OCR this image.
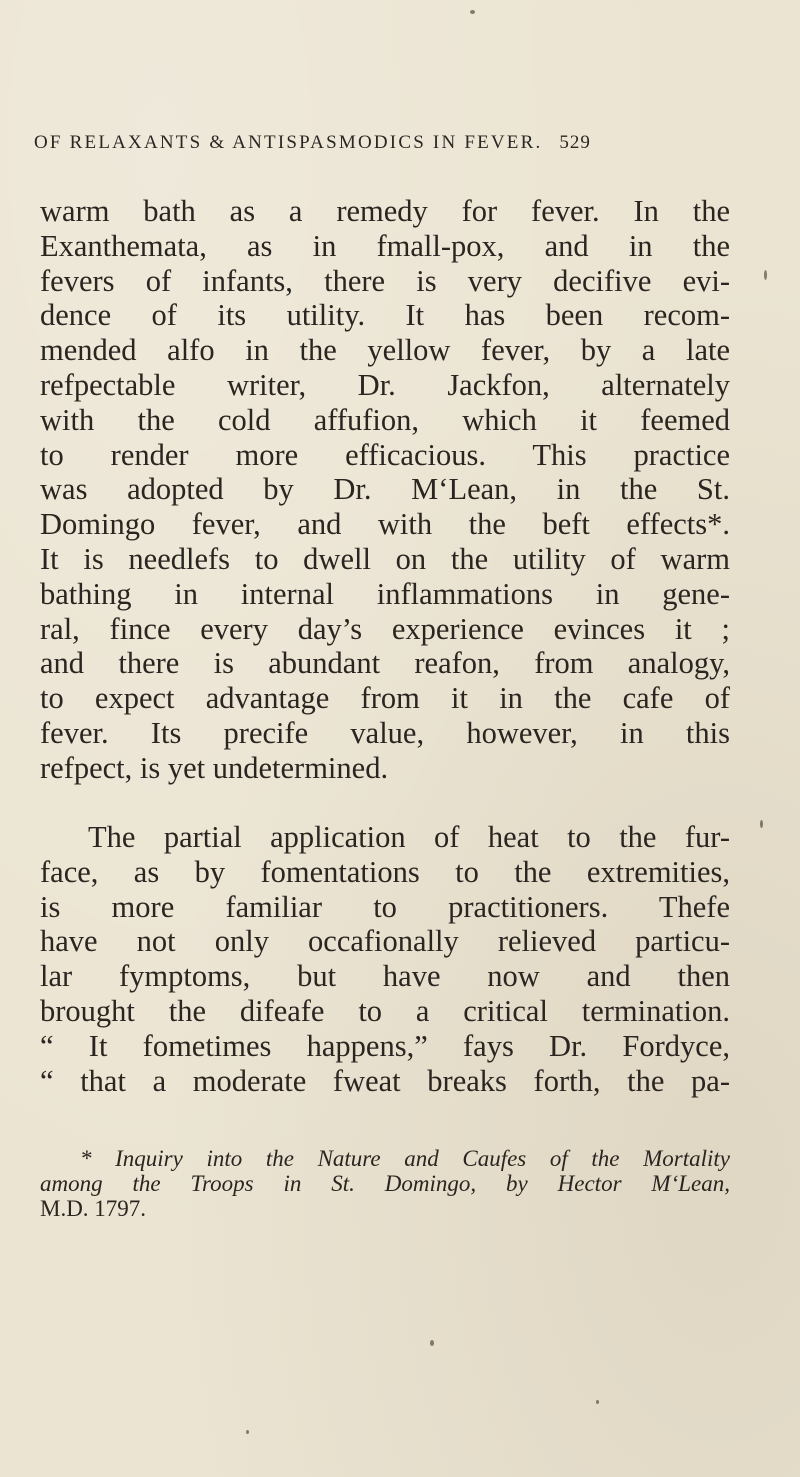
OF RELAXANTS & ANTISPASMODICS IN FEVER. 529
warm bath as a remedy for fever. In the
Exanthemata, as in fmall-pox, and in the
fevers of infants, there is very decifive evi-
dence of its utility. It has been recom-
mended alfo in the yellow fever, by a late
refpectable writer, Dr. Jackfon, alternately
with the cold affufion, which it feemed
to render more efficacious. This practice
was adopted by Dr. M‘Lean, in the St.
Domingo fever, and with the beft effects*.
It is needlefs to dwell on the utility of warm
bathing in internal inflammations in gene-
ral, fince every day’s experience evinces it ;
and there is abundant reafon, from analogy,
to expect advantage from it in the cafe of
fever. Its precife value, however, in this
refpect, is yet undetermined.
The partial application of heat to the fur-
face, as by fomentations to the extremities,
is more familiar to practitioners. Thefe
have not only occafionally relieved particu-
lar fymptoms, but have now and then
brought the difeafe to a critical termination.
“ It fometimes happens,” fays Dr. Fordyce,
“ that a moderate fweat breaks forth, the pa-
* Inquiry into the Nature and Caufes of the Mortality
among the Troops in St. Domingo, by Hector M‘Lean,
M.D. 1797.
